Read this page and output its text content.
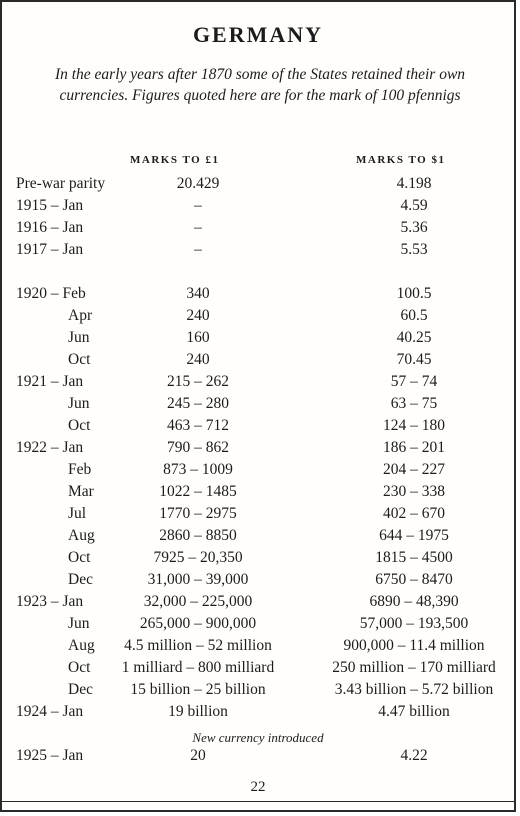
GERMANY
In the early years after 1870 some of the States retained their own currencies. Figures quoted here are for the mark of 100 pfennigs
MARKS TO £1	MARKS TO $1
Pre-war parity	20.429	4.198
1915 – Jan	–	4.59
1916 – Jan	–	5.36
1917 – Jan	–	5.53
1920 – Feb	340	100.5
Apr	240	60.5
Jun	160	40.25
Oct	240	70.45
1921 – Jan	215 – 262	57 – 74
Jun	245 – 280	63 – 75
Oct	463 – 712	124 – 180
1922 – Jan	790 – 862	186 – 201
Feb	873 – 1009	204 – 227
Mar	1022 – 1485	230 – 338
Jul	1770 – 2975	402 – 670
Aug	2860 – 8850	644 – 1975
Oct	7925 – 20,350	1815 – 4500
Dec	31,000 – 39,000	6750 – 8470
1923 – Jan	32,000 – 225,000	6890 – 48,390
Jun	265,000 – 900,000	57,000 – 193,500
Aug 4.5 million – 52 million	900,000 – 11.4 million
Oct 1 milliard – 800 milliard	250 million – 170 milliard
Dec 15 billion – 25 billion	3.43 billion – 5.72 billion
1924 – Jan	19 billion	4.47 billion
1925 – Jan	20	4.22
New currency introduced
22
